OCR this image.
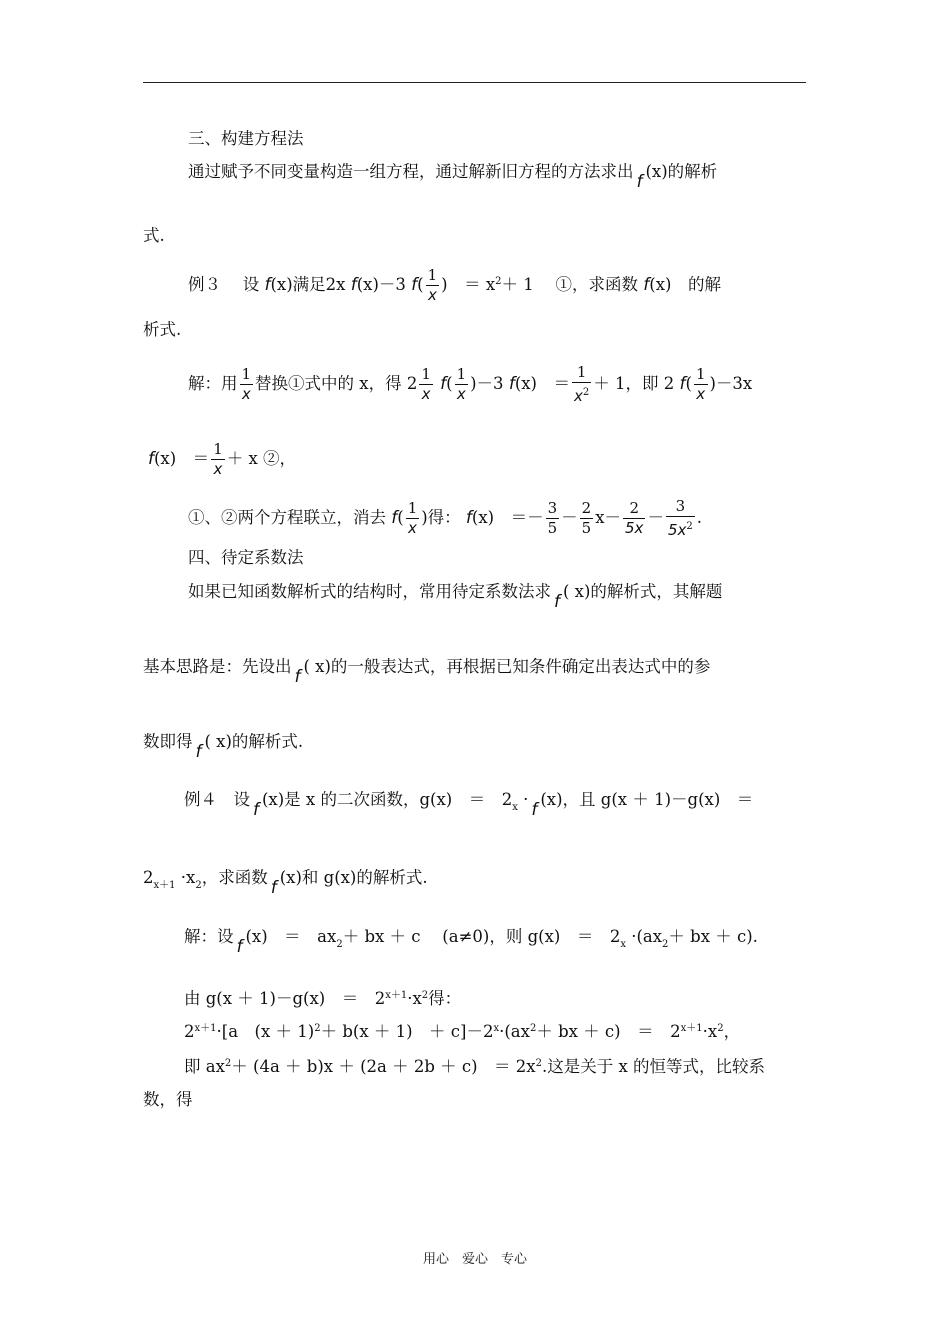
三、构建方程法
通过赋予不同变量构造一组方程，通过解新旧方程的方法求出f(x)的解析
式.
例３　 设 f(x)满足2x f(x)－3 $f( \frac{1}{x}$ )　＝ $x^2+ 1$　 ①，求函数 f(x)　的解
析式.
解：用 $\frac{1}{x}$ 替换①式中的 x，得 $2 \frac{1}{x} f( \frac{1}{x} )-3$ f(x)　＝ $\frac{1}{x^2} + 1$，即 2 $f( \frac{1}{x} )-3x$
f(x)　＝ $\frac{1}{x} + x$ ②，
①、②两个方程联立，消去 $f( \frac{1}{x}$ )得： f(x)　＝－ $\frac{3}{5} - \frac{2}{5} x- \frac{2}{5x} - \frac{3}{5x^2}$ .
四、待定系数法
如果已知函数解析式的结构时，常用待定系数法求f( x)的解析式，其解题
基本思路是：先设出f( x)的一般表达式，再根据已知条件确定出表达式中的参
数即得f( x)的解析式.
例４　设f(x)是 x 的二次函数，g(x)　＝　$2_x \cdot f(x)$，且 g(x ＋ 1)－g(x)　＝
$2_{x+1} \cdot x_2$，求函数f(x)和 g(x)的解析式.
解：设f(x)　＝　$ax_2+$ bx ＋ c　 (a≠0)，则 g(x)　＝　$2_x \cdot(ax_2+$ bx ＋ c).
由 g(x ＋ 1)－g(x)　＝　$2^{x+1}\cdot x^2$得：
$2^{x+1}\cdot[a$　$(x + 1)^2+ b(x + 1)$　＋ $c]-2^x\cdot(ax^2+$ bx ＋ c)　＝　$2^{x+1}\cdot x^2$，
即 $ax^2+ (4a + b)x + (2a + 2b + c)$　＝ $2x^2$.这是关于 x 的恒等式，比较系
数，得
用心　爱心　专心
